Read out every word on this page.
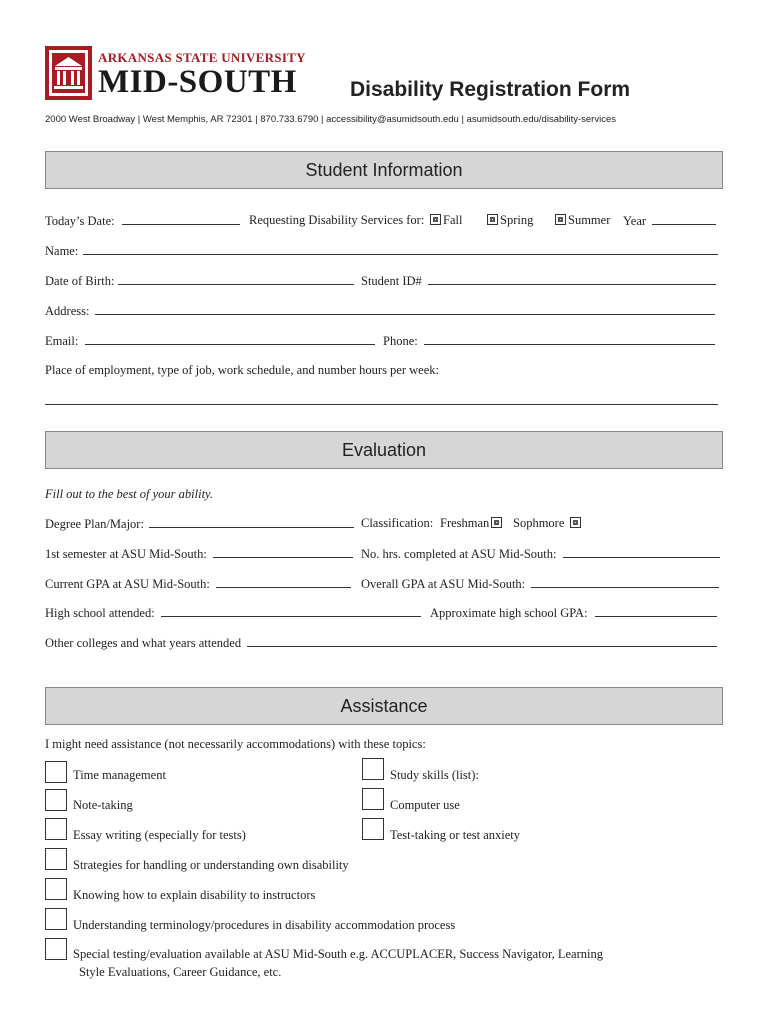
ARKANSAS STATE UNIVERSITY
MID-SOUTH	Disability Registration Form
2000 West Broadway | West Memphis, AR 72301 | 870.733.6790 | accessibility@asumidsouth.edu | asumidsouth.edu/disability-services
Student Information
Today’s Date:	Requesting Disability Services for:	Fall	Spring	Summer Year
Name:
Date of Birth:	Student ID#
Address:
Email:	Phone:
Place of employment, type of job, work schedule, and number hours per week:
Evaluation
Fill out to the best of your ability.
Degree Plan/Major:	Classification: Freshman	Sophmore
1st semester at ASU Mid-South:	No. hrs. completed at ASU Mid-South:
Current GPA at ASU Mid-South:	Overall GPA at ASU Mid-South:
High school attended:	Approximate high school GPA:
Other colleges and what years attended
Assistance
I might need assistance (not necessarily accommodations) with these topics:
Time management	Study skills (list):
Note-taking	Computer use
Essay writing (especially for tests)	Test-taking or test anxiety
Strategies for handling or understanding own disability
Knowing how to explain disability to instructors
Understanding terminology/procedures in disability accommodation process
Special testing/evaluation available at ASU Mid-South e.g. ACCUPLACER, Success Navigator, Learning
Style Evaluations, Career Guidance, etc.
